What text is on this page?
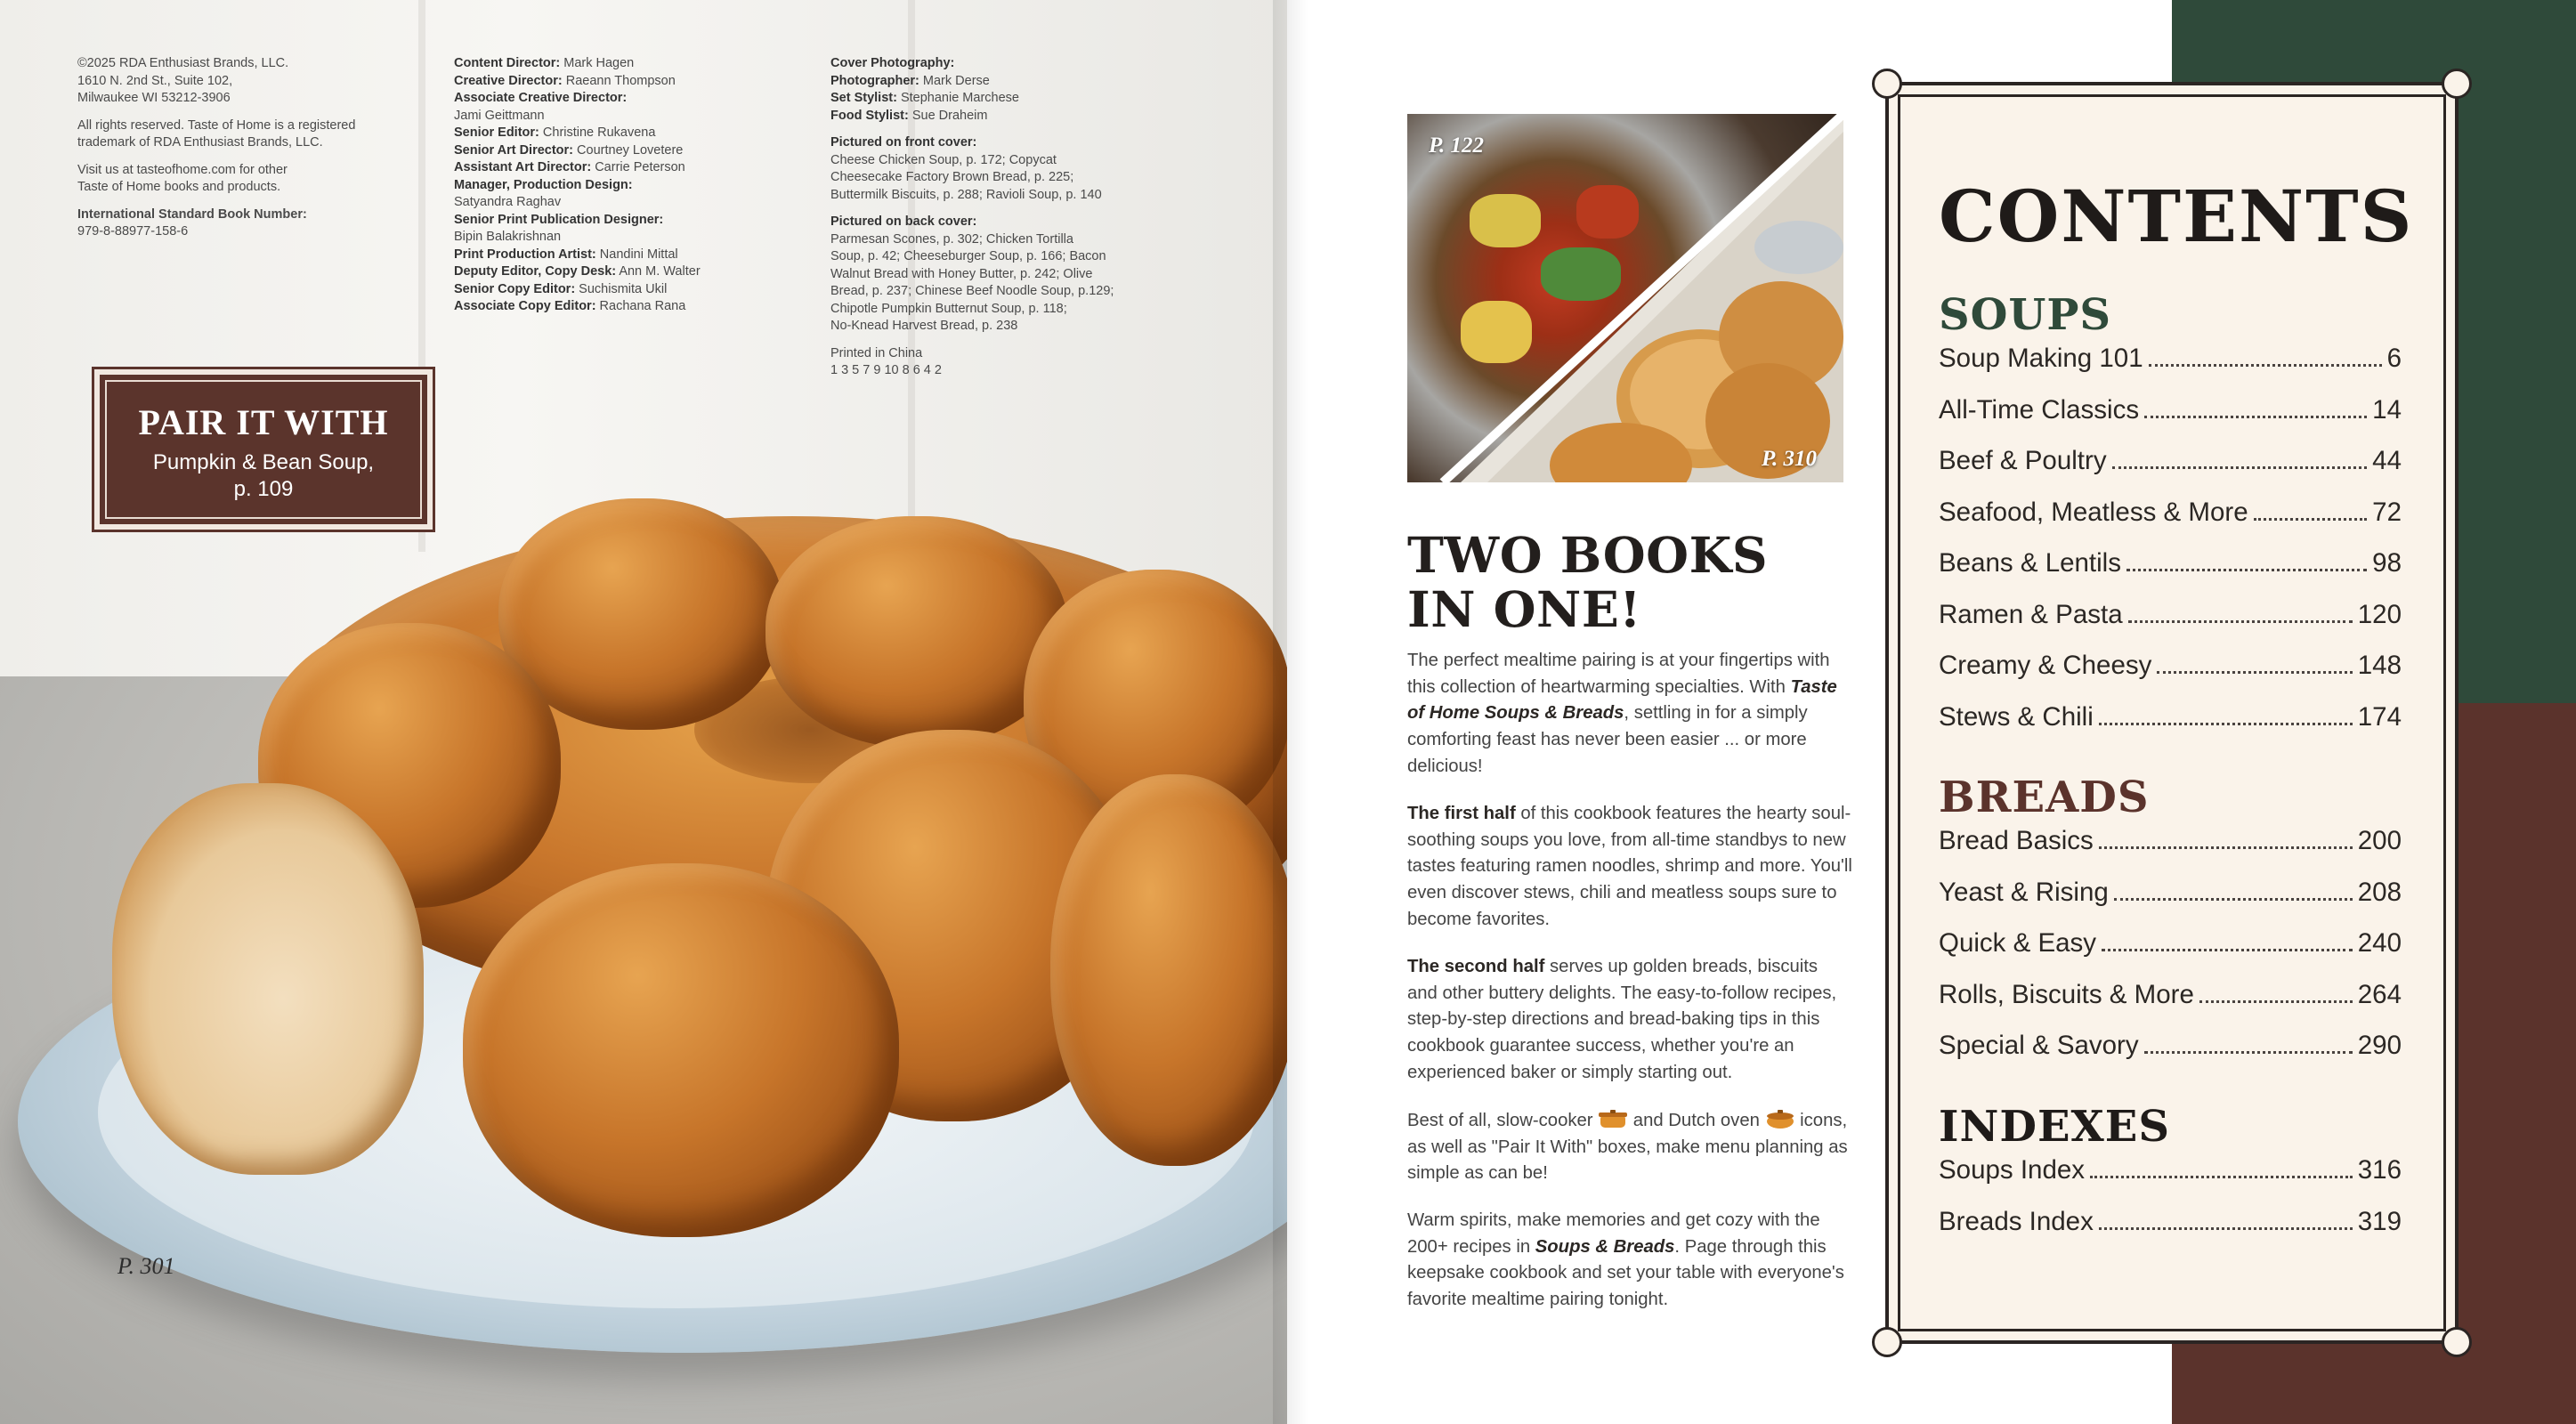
©2025 RDA Enthusiast Brands, LLC.
1610 N. 2nd St., Suite 102,
Milwaukee WI 53212-3906

All rights reserved. Taste of Home is a registered
trademark of RDA Enthusiast Brands, LLC.

Visit us at tasteofhome.com for other
Taste of Home books and products.

International Standard Book Number:
979-8-88977-158-6

Content Director: Mark Hagen
Creative Director: Raeann Thompson
Associate Creative Director:
Jami Geittmann
Senior Editor: Christine Rukavena
Senior Art Director: Courtney Lovetere
Assistant Art Director: Carrie Peterson
Manager, Production Design:
Satyandra Raghav
Senior Print Publication Designer:
Bipin Balakrishnan
Print Production Artist: Nandini Mittal
Deputy Editor, Copy Desk: Ann M. Walter
Senior Copy Editor: Suchismita Ukil
Associate Copy Editor: Rachana Rana

Cover Photography:
Photographer: Mark Derse
Set Stylist: Stephanie Marchese
Food Stylist: Sue Draheim

Pictured on front cover:
Cheese Chicken Soup, p. 172; Copycat
Cheesecake Factory Brown Bread, p. 225;
Buttermilk Biscuits, p. 288; Ravioli Soup, p. 140

Pictured on back cover:
Parmesan Scones, p. 302; Chicken Tortilla
Soup, p. 42; Cheeseburger Soup, p. 166; Bacon
Walnut Bread with Honey Butter, p. 242; Olive
Bread, p. 237; Chinese Beef Noodle Soup, p.129;
Chipotle Pumpkin Butternut Soup, p. 118;
No-Knead Harvest Bread, p. 238

Printed in China
1 3 5 7 9 10 8 6 4 2

PAIR IT WITH
Pumpkin & Bean Soup,
p. 109
P. 301
P. 122
P. 310
TWO BOOKS
IN ONE!
The perfect mealtime pairing is at your fingertips with this collection of heartwarming specialties. With Taste of Home Soups & Breads, settling in for a simply comforting feast has never been easier ... or more delicious!
The first half of this cookbook features the hearty soul-soothing soups you love, from all-time standbys to new tastes featuring ramen noodles, shrimp and more. You'll even discover stews, chili and meatless soups sure to become favorites.
The second half serves up golden breads, biscuits and other buttery delights. The easy-to-follow recipes, step-by-step directions and bread-baking tips in this cookbook guarantee success, whether you're an experienced baker or simply starting out.
Best of all, slow-cooker  and Dutch oven  icons, as well as "Pair It With" boxes, make menu planning as simple as can be!
Warm spirits, make memories and get cozy with the 200+ recipes in Soups & Breads. Page through this keepsake cookbook and set your table with everyone's favorite mealtime pairing tonight.
CONTENTS
SOUPS
Soup Making 101	6
All-Time Classics	14
Beef & Poultry	44
Seafood, Meatless & More	72
Beans & Lentils	98
Ramen & Pasta	120
Creamy & Cheesy	148
Stews & Chili	174
BREADS
Bread Basics	200
Yeast & Rising	208
Quick & Easy	240
Rolls, Biscuits & More	264
Special & Savory	290
INDEXES
Soups Index	316
Breads Index	319
